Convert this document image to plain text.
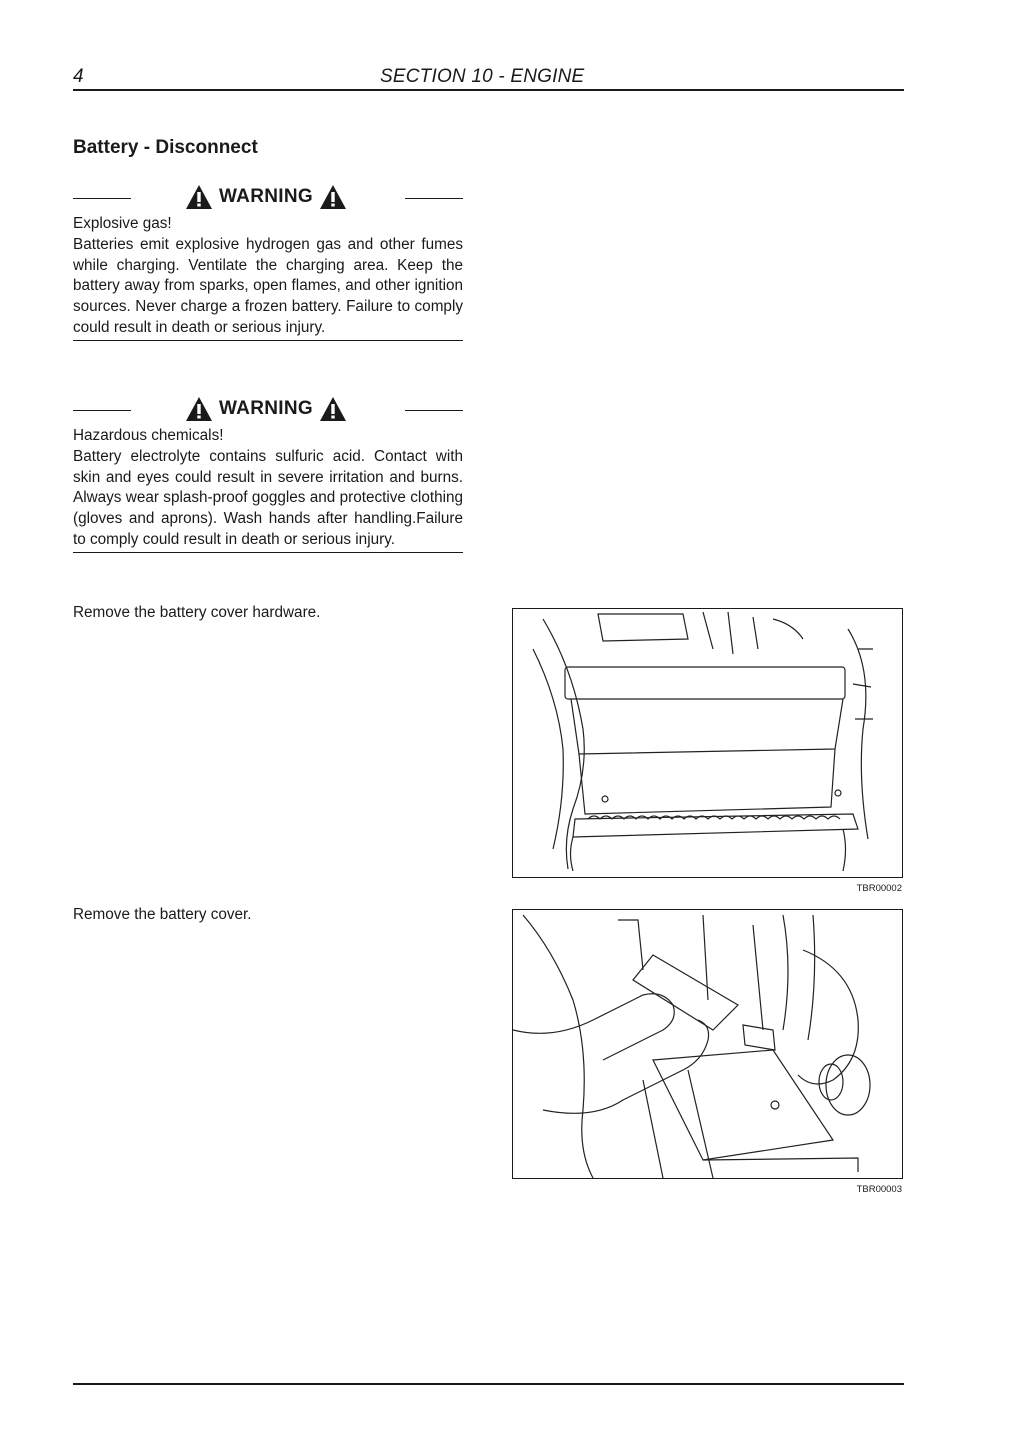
4	SECTION 10 - ENGINE
Battery - Disconnect
WARNING

Explosive gas!

Batteries emit explosive hydrogen gas and other fumes while charging. Ventilate the charging area. Keep the battery away from sparks, open flames, and other ignition sources. Never charge a frozen battery. Failure to comply could result in death or serious injury.

WARNING

Hazardous chemicals!

Battery electrolyte contains sulfuric acid. Contact with skin and eyes could result in severe irritation and burns. Always wear splash-proof goggles and protective clothing (gloves and aprons). Wash hands after handling.Failure to comply could result in death or serious injury.

Remove the battery cover hardware.
TBR00002
Remove the battery cover.
TBR00003
